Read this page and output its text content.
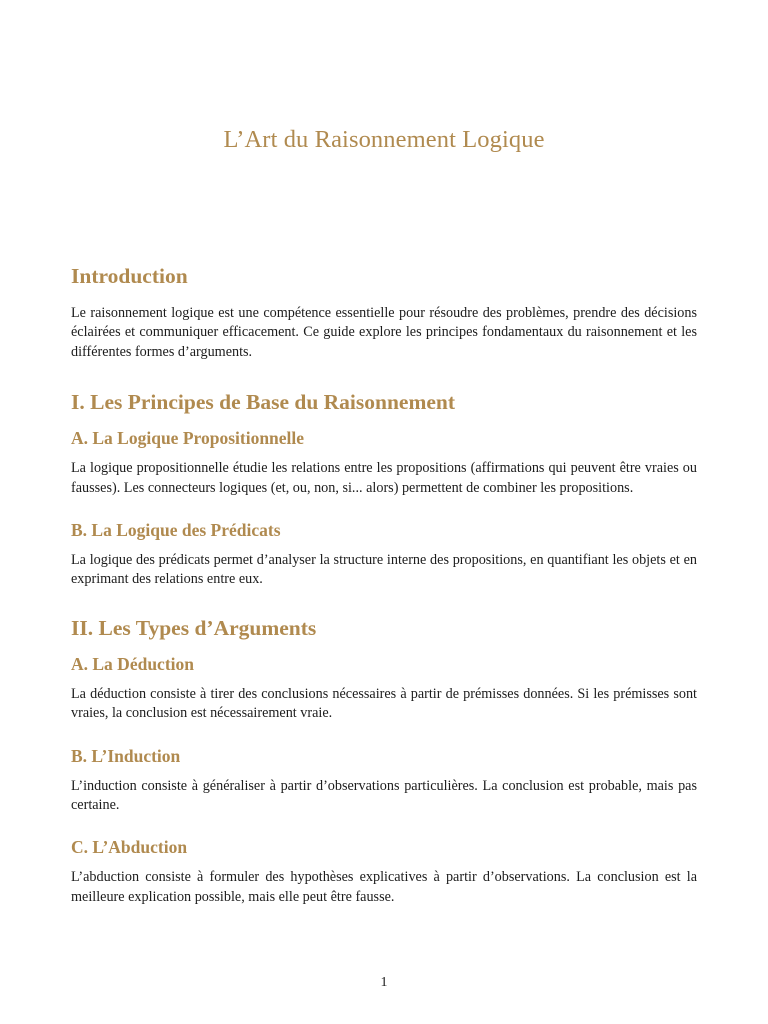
L’Art du Raisonnement Logique
Introduction

Le raisonnement logique est une compétence essentielle pour résoudre des problèmes, prendre des décisions éclairées et communiquer efficacement. Ce guide explore les principes fondamentaux du raisonnement et les différentes formes d’arguments.

I. Les Principes de Base du Raisonnement
A. La Logique Propositionnelle

La logique propositionnelle étudie les relations entre les propositions (affirmations qui peuvent être vraies ou fausses). Les connecteurs logiques (et, ou, non, si... alors) permettent de combiner les propositions.

B. La Logique des Prédicats

La logique des prédicats permet d’analyser la structure interne des propositions, en quantifiant les objets et en exprimant des relations entre eux.

II. Les Types d’Arguments
A. La Déduction

La déduction consiste à tirer des conclusions nécessaires à partir de prémisses données. Si les prémisses sont vraies, la conclusion est nécessairement vraie.

B. L’Induction

L’induction consiste à généraliser à partir d’observations particulières. La conclusion est probable, mais pas certaine.

C. L’Abduction

L’abduction consiste à formuler des hypothèses explicatives à partir d’observations. La conclusion est la meilleure explication possible, mais elle peut être fausse.

1
